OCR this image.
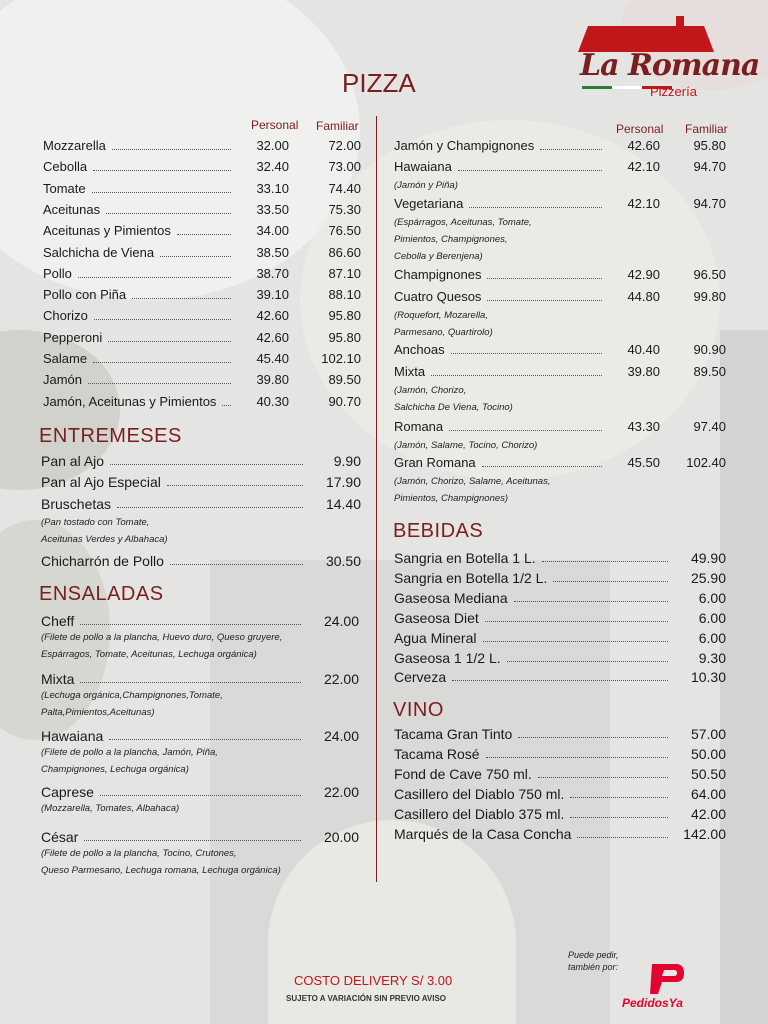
La Romana
Pizzería
PIZZA
Personal Familiar	Personal Familiar
Mozzarella	32.00	72.00
Cebolla	32.40	73.00
Tomate	33.10	74.40
Aceitunas	33.50	75.30
Aceitunas y Pimientos	34.00	76.50
Salchicha de Viena	38.50	86.60
Pollo	38.70	87.10
Pollo con Piña	39.10	88.10
Chorizo	42.60	95.80
Pepperoni	42.60	95.80
Salame	45.40	102.10
Jamón	39.80	89.50
Jamón, Aceitunas y Pimientos	40.30	90.70
Jamón y Champignones	42.60	95.80
Hawaiana	42.10	94.70
(Jamón y Piña)
Vegetariana	42.10	94.70
(Espárragos, Aceitunas, Tomate,
Pimientos, Champignones,
Cebolla y Berenjena)
Champignones	42.90	96.50
Cuatro Quesos	44.80	99.80
(Roquefort, Mozarella,
Parmesano, Quartirolo)
Anchoas	40.40	90.90
Mixta	39.80	89.50
(Jamón, Chorizo,
Salchicha De Viena, Tocino)
Romana	43.30	97.40
(Jamón, Salame, Tocino, Chorizo)
Gran Romana	45.50	102.40
(Jamón, Chorizo, Salame, Aceitunas,
Pimientos, Champignones)
ENTREMESES
Pan al Ajo	9.90
Pan al Ajo Especial	17.90
Bruschetas	14.40
(Pan tostado con Tomate,
Aceitunas Verdes y Albahaca)
Chicharrón de Pollo	30.50
ENSALADAS
Cheff	24.00
(Filete de pollo a la plancha, Huevo duro, Queso gruyere,
Espárragos, Tomate, Aceitunas, Lechuga orgánica)
Mixta	22.00
(Lechuga orgánica,Champignones,Tomate,
Palta,Pimientos,Aceitunas)
Hawaiana	24.00
(Filete de pollo a la plancha, Jamón, Piña,
Champignones, Lechuga orgánica)
Caprese	22.00
(Mozzarella, Tomates, Albahaca)
César	20.00
(Filete de pollo a la plancha, Tocino, Crutones,
Queso Parmesano, Lechuga romana, Lechuga orgánica)
BEBIDAS
Sangria en Botella 1 L.	49.90
Sangria en Botella 1/2 L.	25.90
Gaseosa Mediana	6.00
Gaseosa Diet	6.00
Agua Mineral	6.00
Gaseosa 1 1/2 L.	9.30
Cerveza	10.30
VINO
Tacama Gran Tinto	57.00
Tacama Rosé	50.00
Fond de Cave 750 ml.	50.50
Casillero del Diablo 750 ml.	64.00
Casillero del Diablo 375 ml.	42.00
Marqués de la Casa Concha	142.00
COSTO DELIVERY S/ 3.00
SUJETO A VARIACIÓN SIN PREVIO AVISO
Puede pedir,
también por:
PedidosYa
